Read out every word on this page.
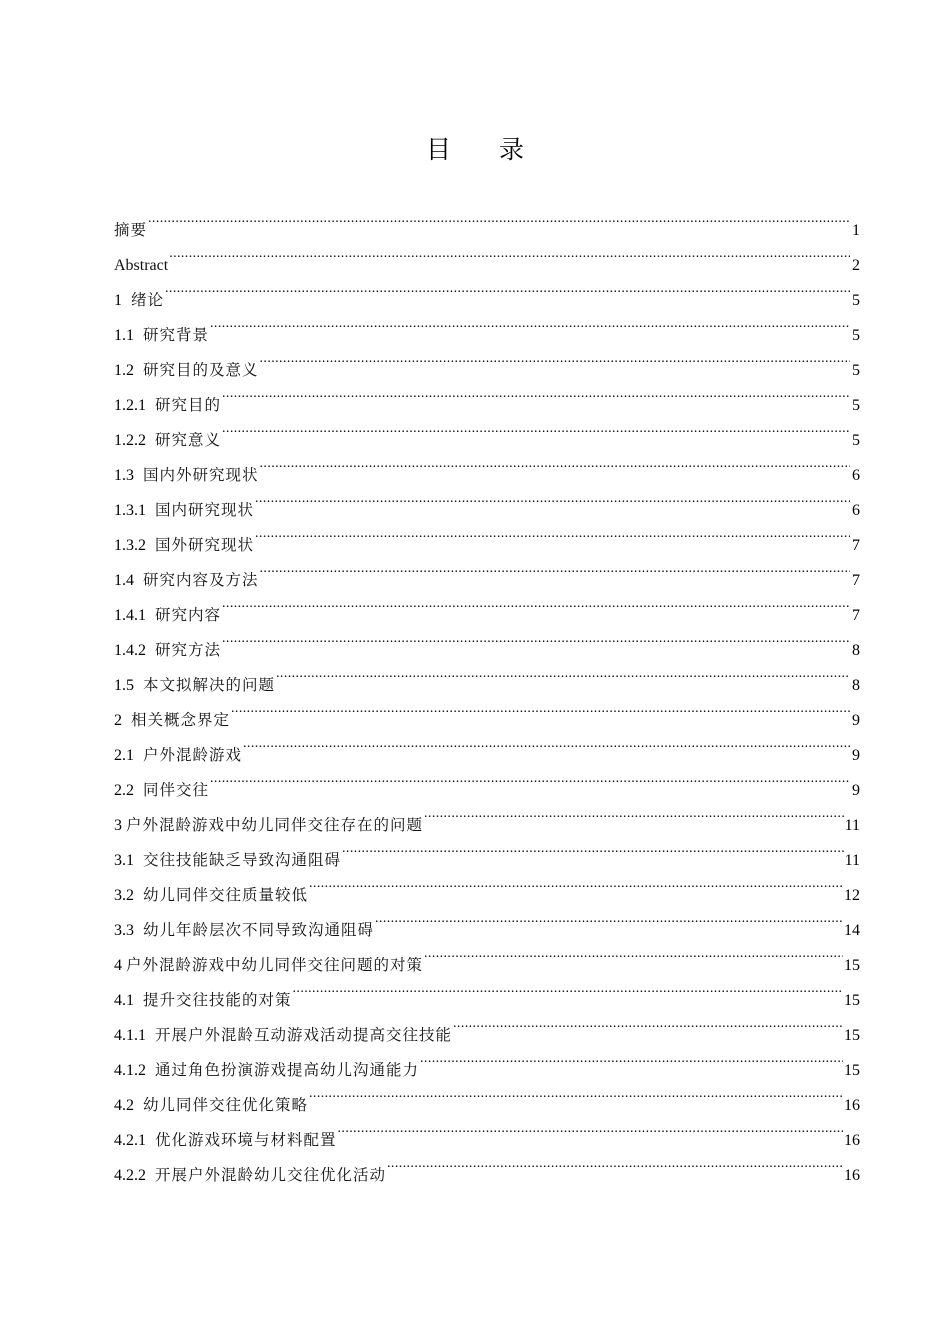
目 录
摘要 .....	1
Abstract .....	2
1 绪论 .....	5
1.1 研究背景 .....	5
1.2 研究目的及意义 .....	5
1.2.1 研究目的 .....	5
1.2.2 研究意义 .....	5
1.3 国内外研究现状 .....	6
1.3.1 国内研究现状 .....	6
1.3.2 国外研究现状 .....	7
1.4 研究内容及方法 .....	7
1.4.1 研究内容 .....	7
1.4.2 研究方法 .....	8
1.5 本文拟解决的问题 .....	8
2 相关概念界定 .....	9
2.1 户外混龄游戏 .....	9
2.2 同伴交往 .....	9
3 户外混龄游戏中幼儿同伴交往存在的问题 .....	11
3.1 交往技能缺乏导致沟通阻碍 .....	11
3.2 幼儿同伴交往质量较低 .....	12
3.3 幼儿年龄层次不同导致沟通阻碍 .....	14
4 户外混龄游戏中幼儿同伴交往问题的对策 .....	15
4.1 提升交往技能的对策 .....	15
4.1.1 开展户外混龄互动游戏活动提高交往技能 .....	15
4.1.2 通过角色扮演游戏提高幼儿沟通能力 .....	15
4.2 幼儿同伴交往优化策略 .....	16
4.2.1 优化游戏环境与材料配置 .....	16
4.2.2 开展户外混龄幼儿交往优化活动 .....	16
